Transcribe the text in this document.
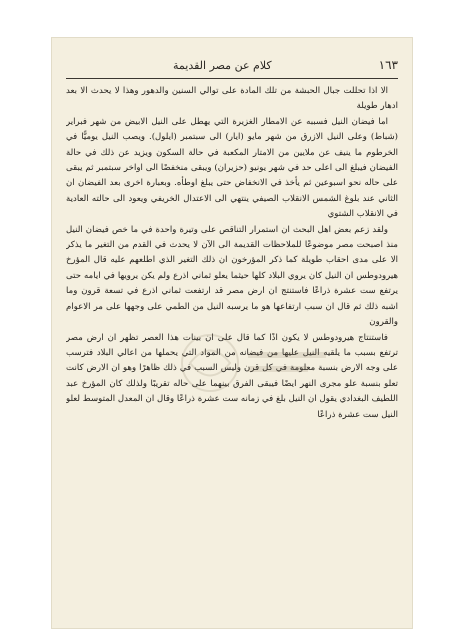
١٦٣
كلام عن مصر القديمة

الا اذا تحللت جبال الحبشة من تلك المادة على توالي السنين والدهور وهذا لا يحدث الا بعد ادهار طويلة

اما فيضان النيل فسببه عن الامطار الغزيرة التي يهطل على النيل الابيض من شهر فبراير (شباط) وعلى النيل الازرق من شهر مايو (ايار) الى سبتمبر (ايلول). ويصب النيل يوميًّا في الخرطوم ما ينيف عن ملايين من الامتار المكعبة في حالة السكون ويزيد عن ذلك في حالة الفيضان فيبلغ الى اعلى حد في شهر يونيو (حزيران) ويبقى منخفضًا الى اواخر سبتمبر ثم يبقى على حاله نحو اسبوعين ثم يأخذ في الانخفاض حتى يبلغ اوطأه. وبعبارة اخرى بعد الفيضان ان الثاني عند بلوغ الشمس الانقلاب الصيفي ينتهي الى الاعتدال الخريفي ويعود الى حالته العادية في الانقلاب الشتوي

ولقد زعم بعض اهل البحث ان استمرار التناقص على وتيرة واحدة في ما خص فيضان النيل منذ اصبحت مصر موضوعًا للملاحظات القديمة الى الآن لا يحدث في القدم من التغير ما يذكر الا على مدى احقاب طويلة كما ذكر المؤرخون ان ذلك التغير الذي اطلعهم عليه قال المؤرخ هيرودوطس ان النيل كان يروي البلاد كلها حيثما يعلو ثماني اذرع ولم يكن يرويها في ايامه حتى يرتفع ست عشرة ذراعًا فاستنتج ان ارض مصر قد ارتفعت ثماني اذرع في تسعة قرون وما اشبه ذلك ثم قال ان سبب ارتفاعها هو ما يرسبه النيل من الطمي على وجهها على مر الاعوام والقرون

فاستنتاج هيرودوطس لا يكون اذًا كما قال على ان بينات هذا العصر تظهر ان ارض مصر ترتفع بسبب ما يلقيه النيل عليها من فيضانه من المواد التي يحملها من اعالي البلاد فترسب على وجه الارض بنسبة معلومة في كل قرن وليس السبب في ذلك ظاهرًا وهو ان الارض كانت تعلو بنسبة علو مجرى النهر ايضًا فيبقى الفرق بينهما على حاله تقريبًا ولذلك كان المؤرخ عبد اللطيف البغدادي يقول ان النيل بلغ في زمانه ست عشرة ذراعًا وقال ان المعدل المتوسط لعلو النيل ست عشرة ذراعًا
